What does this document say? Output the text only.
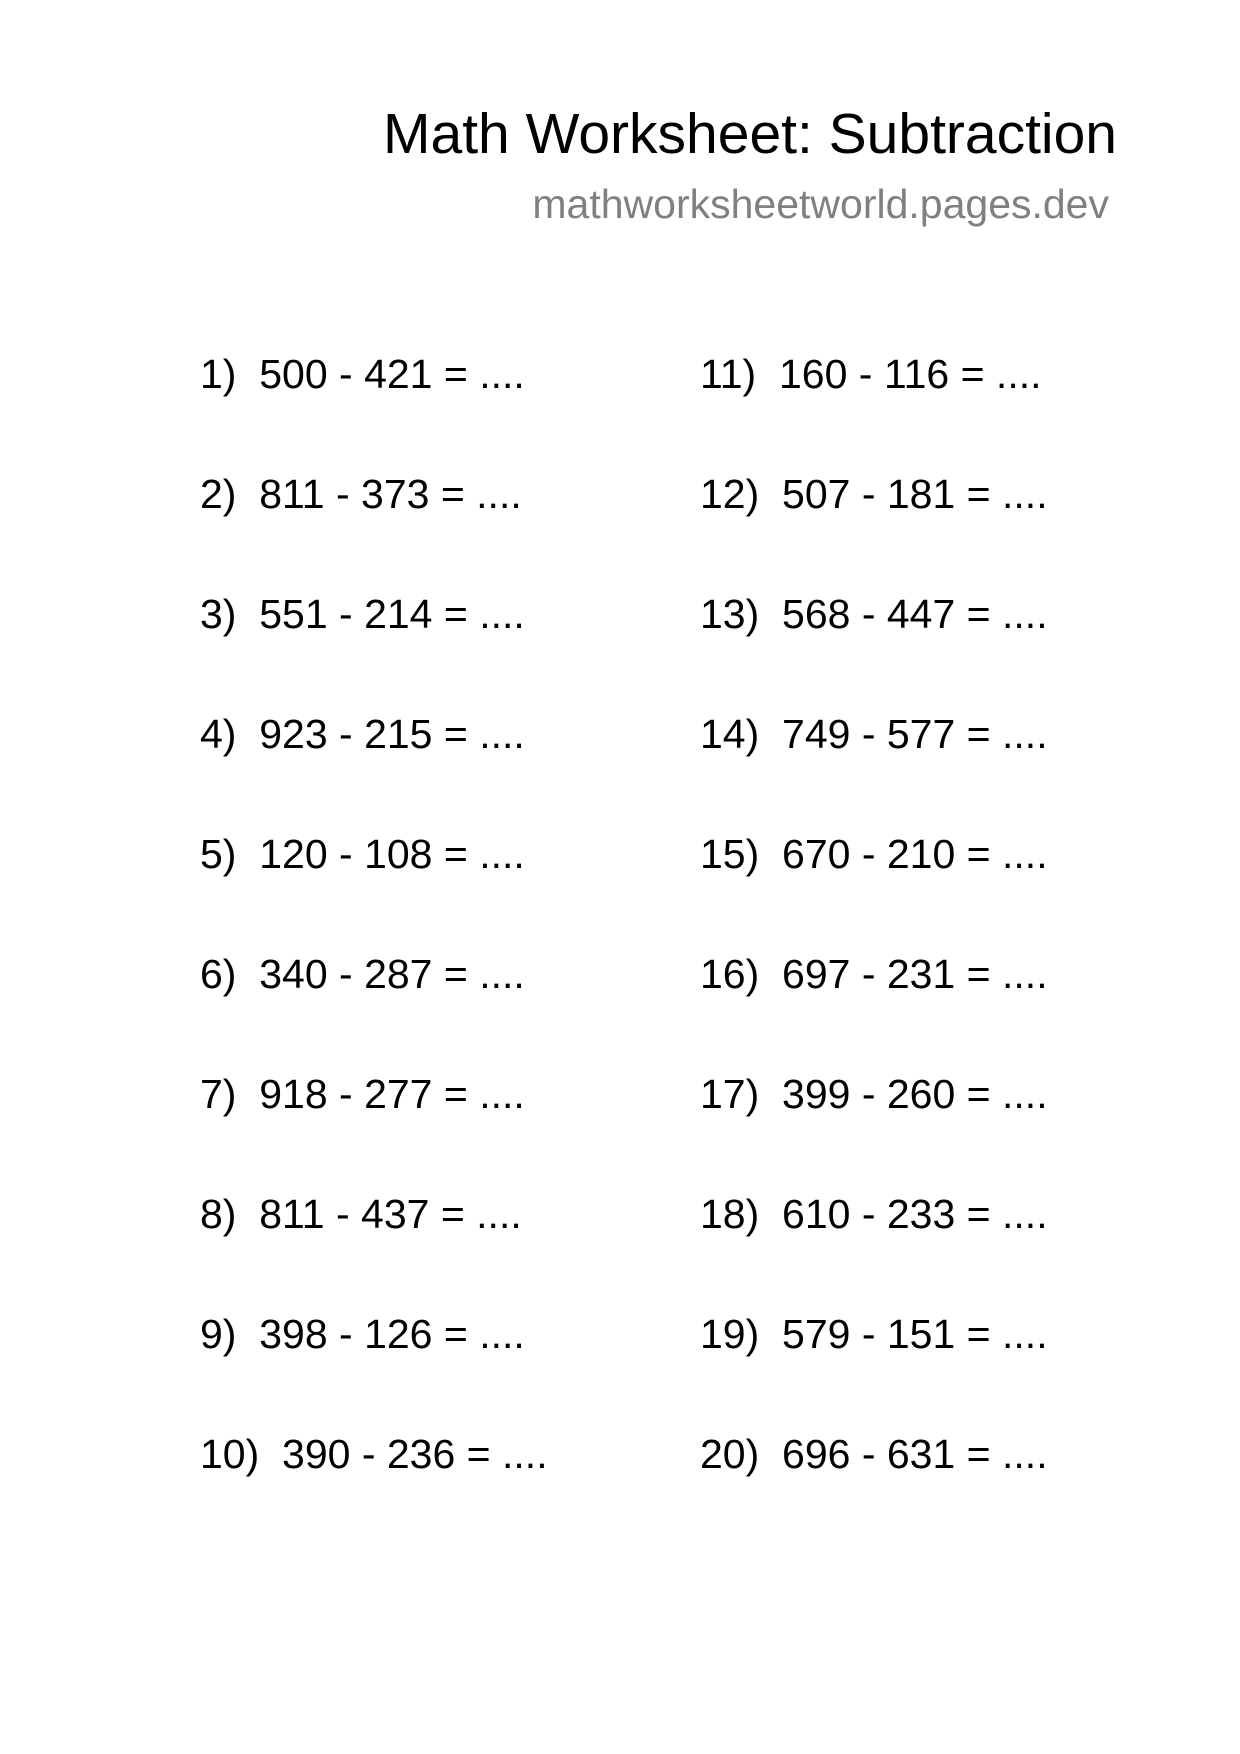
Math Worksheet: Subtraction
mathworksheetworld.pages.dev
1)  500 - 421 = ....
2)  811 - 373 = ....
3)  551 - 214 = ....
4)  923 - 215 = ....
5)  120 - 108 = ....
6)  340 - 287 = ....
7)  918 - 277 = ....
8)  811 - 437 = ....
9)  398 - 126 = ....
10)  390 - 236 = ....
11)  160 - 116 = ....
12)  507 - 181 = ....
13)  568 - 447 = ....
14)  749 - 577 = ....
15)  670 - 210 = ....
16)  697 - 231 = ....
17)  399 - 260 = ....
18)  610 - 233 = ....
19)  579 - 151 = ....
20)  696 - 631 = ....
